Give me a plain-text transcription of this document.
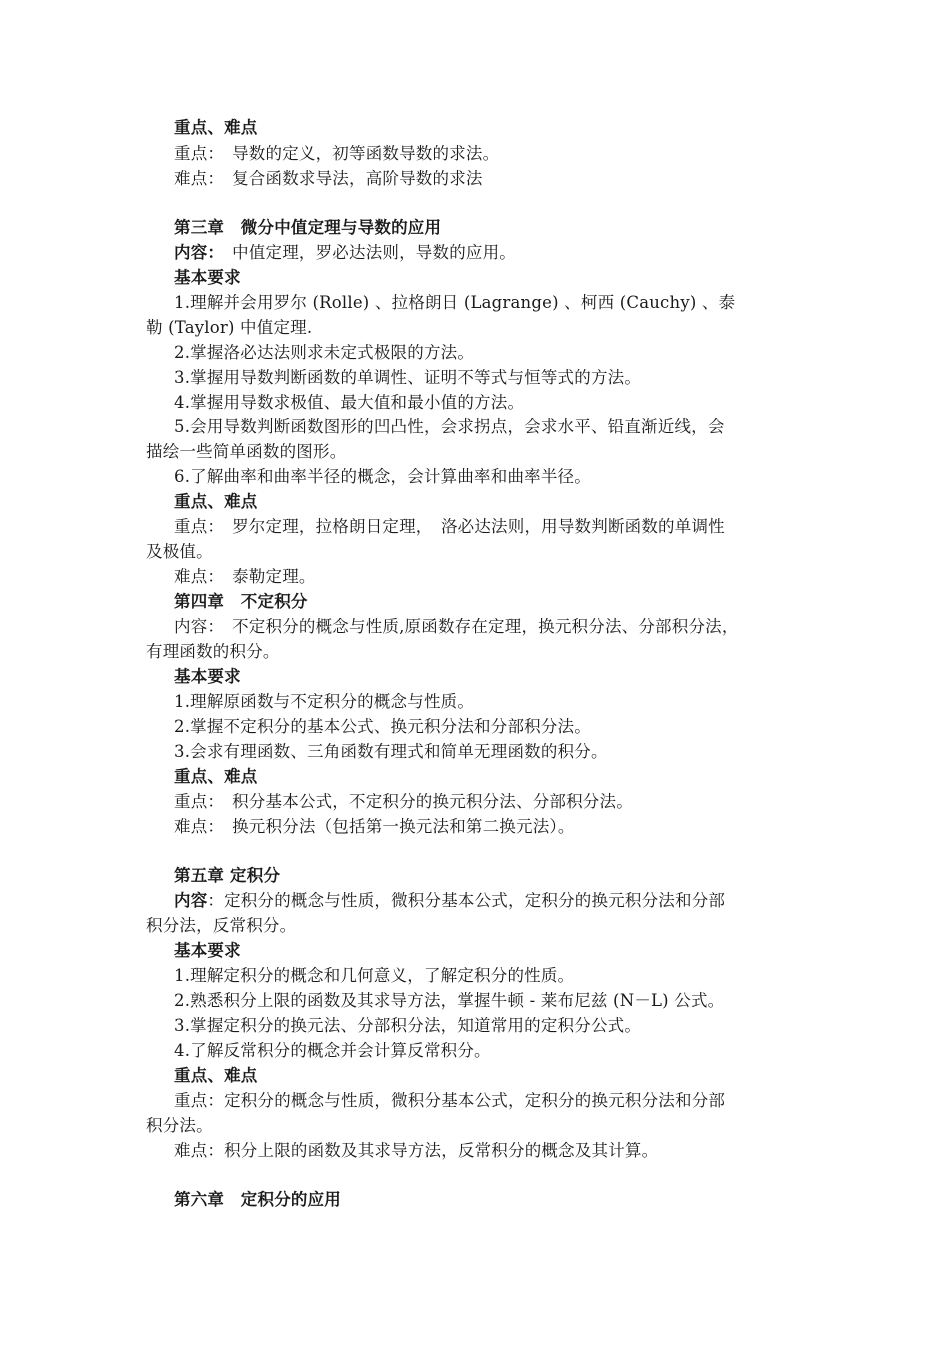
重点、难点
重点： 导数的定义，初等函数导数的求法。
难点： 复合函数求导法，高阶导数的求法
第三章　微分中值定理与导数的应用
内容： 中值定理，罗必达法则，导数的应用。
基本要求
1.理解并会用罗尔 (Rolle) 、拉格朗日 (Lagrange) 、柯西 (Cauchy) 、泰
勒 (Taylor) 中值定理.
2.掌握洛必达法则求未定式极限的方法。
3.掌握用导数判断函数的单调性、证明不等式与恒等式的方法。
4.掌握用导数求极值、最大值和最小值的方法。
5.会用导数判断函数图形的凹凸性，会求拐点，会求水平、铅直渐近线，会
描绘一些简单函数的图形。
6.了解曲率和曲率半径的概念，会计算曲率和曲率半径。
重点、难点
重点： 罗尔定理，拉格朗日定理，　洛必达法则，用导数判断函数的单调性
及极值。
难点： 泰勒定理。
第四章　不定积分
内容： 不定积分的概念与性质,原函数存在定理，换元积分法、分部积分法，
有理函数的积分。
基本要求
1.理解原函数与不定积分的概念与性质。
2.掌握不定积分的基本公式、换元积分法和分部积分法。
3.会求有理函数、三角函数有理式和简单无理函数的积分。
重点、难点
重点： 积分基本公式，不定积分的换元积分法、分部积分法。
难点： 换元积分法（包括第一换元法和第二换元法）。
第五章 定积分
内容：定积分的概念与性质，微积分基本公式，定积分的换元积分法和分部
积分法，反常积分。
基本要求
1.理解定积分的概念和几何意义，了解定积分的性质。
2.熟悉积分上限的函数及其求导方法，掌握牛顿 - 莱布尼兹 (N－L) 公式。
3.掌握定积分的换元法、分部积分法，知道常用的定积分公式。
4.了解反常积分的概念并会计算反常积分。
重点、难点
重点：定积分的概念与性质，微积分基本公式，定积分的换元积分法和分部
积分法。
难点：积分上限的函数及其求导方法，反常积分的概念及其计算。
第六章　定积分的应用
